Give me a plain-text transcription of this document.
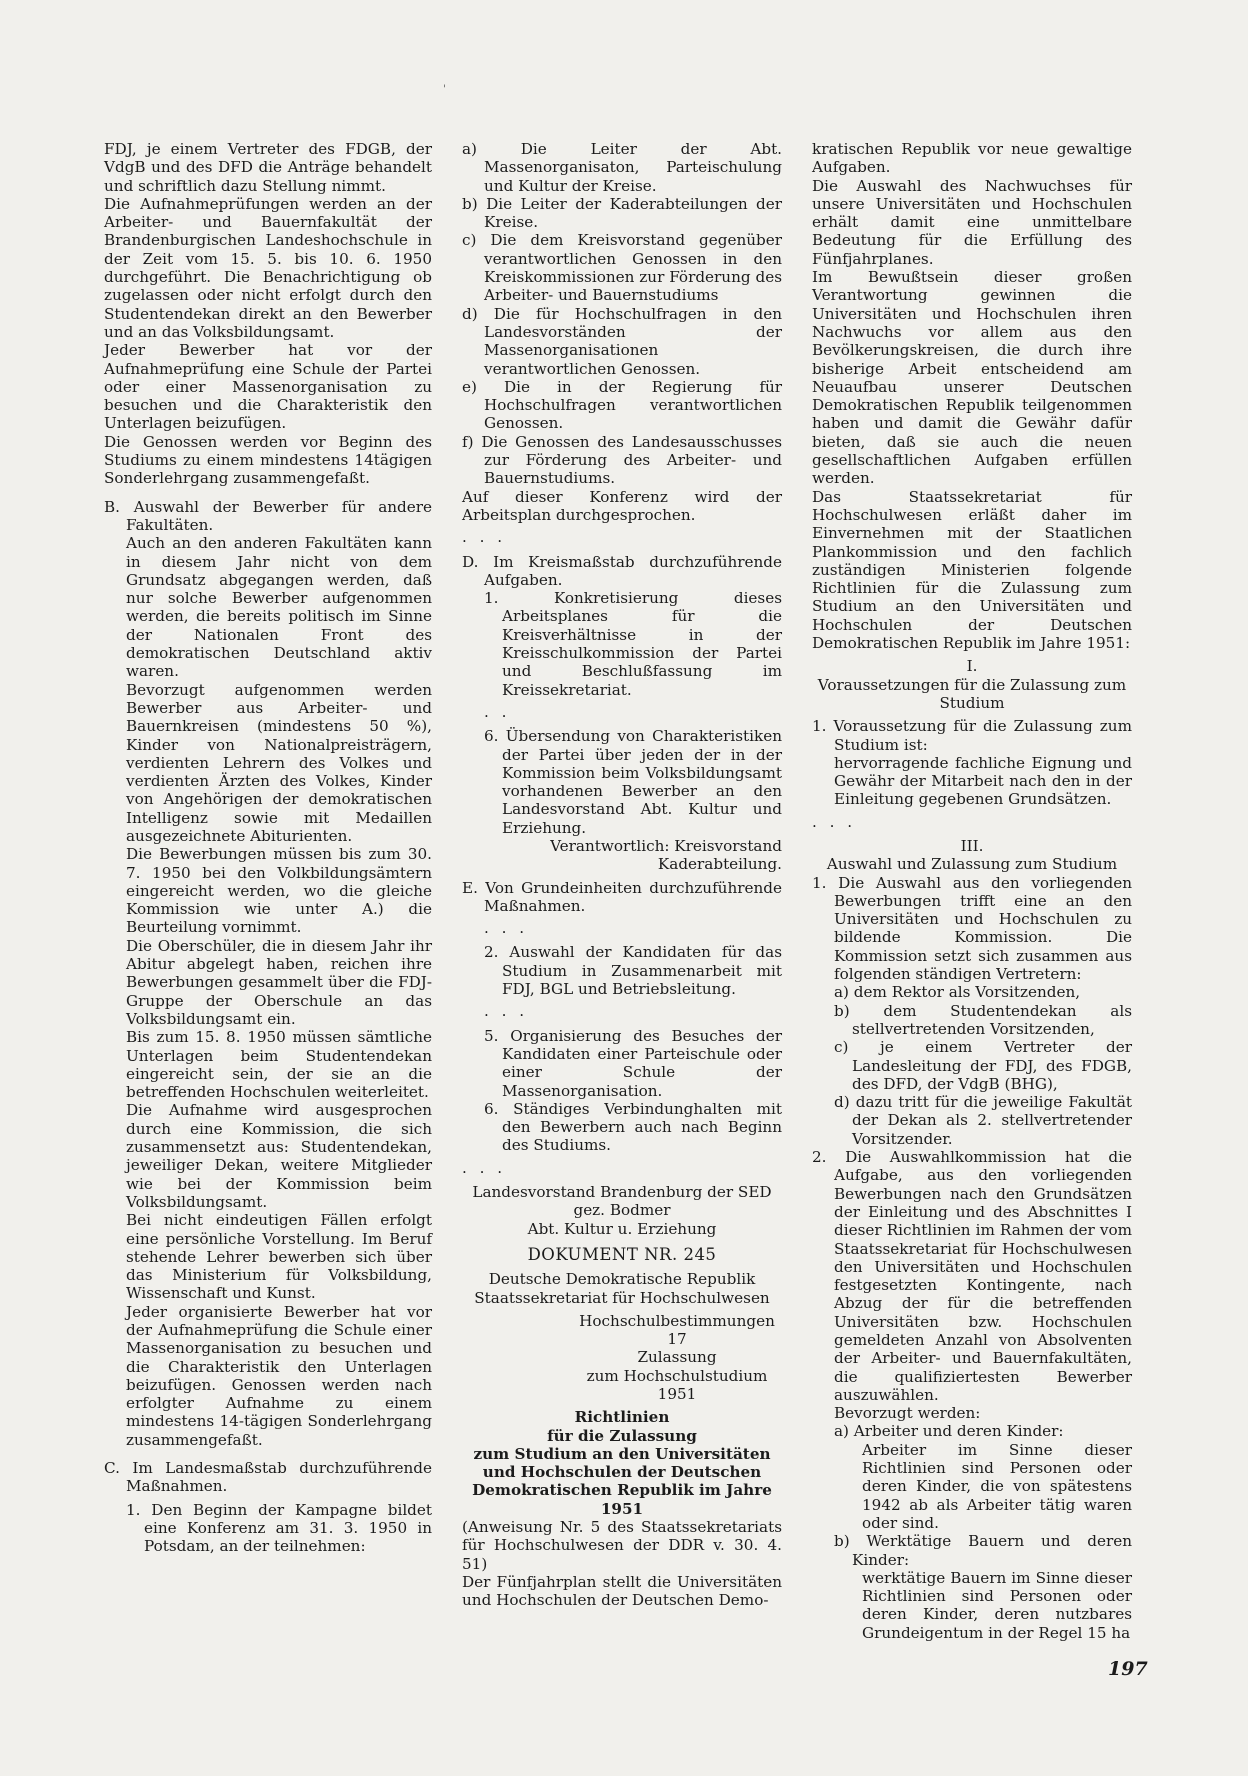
'

FDJ, je einem Vertreter des FDGB, der VdgB und des DFD die Anträge behandelt und schriftlich dazu Stellung nimmt.

Die Aufnahmeprüfungen werden an der Arbeiter- und Bauernfakultät der Brandenburgischen Landeshochschule in der Zeit vom 15. 5. bis 10. 6. 1950 durchgeführt. Die Benachrichtigung ob zugelassen oder nicht erfolgt durch den Studentendekan direkt an den Bewerber und an das Volksbildungsamt.

Jeder Bewerber hat vor der Aufnahmeprüfung eine Schule der Partei oder einer Massenorganisation zu besuchen und die Charakteristik den Unterlagen beizufügen.

Die Genossen werden vor Beginn des Studiums zu einem mindestens 14tägigen Sonderlehrgang zusammengefaßt.

B. Auswahl der Bewerber für andere Fakultäten.

Auch an den anderen Fakultäten kann in diesem Jahr nicht von dem Grundsatz abgegangen werden, daß nur solche Bewerber aufgenommen werden, die bereits politisch im Sinne der Nationalen Front des demokratischen Deutschland aktiv waren.

Bevorzugt aufgenommen werden Bewerber aus Arbeiter- und Bauernkreisen (mindestens 50 %), Kinder von Nationalpreisträgern, verdienten Lehrern des Volkes und verdienten Ärzten des Volkes, Kinder von Angehörigen der demokratischen Intelligenz sowie mit Medaillen ausgezeichnete Abiturienten.

Die Bewerbungen müssen bis zum 30. 7. 1950 bei den Volkbildungsämtern eingereicht werden, wo die gleiche Kommission wie unter A.) die Beurteilung vornimmt.

Die Oberschüler, die in diesem Jahr ihr Abitur abgelegt haben, reichen ihre Bewerbungen gesammelt über die FDJ-Gruppe der Oberschule an das Volksbildungsamt ein.

Bis zum 15. 8. 1950 müssen sämtliche Unterlagen beim Studentendekan eingereicht sein, der sie an die betreffenden Hochschulen weiterleitet.

Die Aufnahme wird ausgesprochen durch eine Kommission, die sich zusammensetzt aus: Studentendekan, jeweiliger Dekan, weitere Mitglieder wie bei der Kommission beim Volksbildungsamt.

Bei nicht eindeutigen Fällen erfolgt eine persönliche Vorstellung. Im Beruf stehende Lehrer bewerben sich über das Ministerium für Volksbildung, Wissenschaft und Kunst.

Jeder organisierte Bewerber hat vor der Aufnahmeprüfung die Schule einer Massenorganisation zu besuchen und die Charakteristik den Unterlagen beizufügen. Genossen werden nach erfolgter Aufnahme zu einem mindestens 14-tägigen Sonderlehrgang zusammengefaßt.

C. Im Landesmaßstab durchzuführende Maßnahmen.

1. Den Beginn der Kampagne bildet eine Konferenz am 31. 3. 1950 in Potsdam, an der teilnehmen:

a) Die Leiter der Abt. Massenorganisaton, Parteischulung und Kultur der Kreise.

b) Die Leiter der Kaderabteilungen der Kreise.

c) Die dem Kreisvorstand gegenüber verantwortlichen Genossen in den Kreiskommissionen zur Förderung des Arbeiter- und Bauernstudiums

d) Die für Hochschulfragen in den Landesvorständen der Massenorganisationen verantwortlichen Genossen.

e) Die in der Regierung für Hochschulfragen verantwortlichen Genossen.

f) Die Genossen des Landesausschusses zur Förderung des Arbeiter- und Bauernstudiums.

Auf dieser Konferenz wird der Arbeitsplan durchgesprochen.

. . .

D. Im Kreismaßstab durchzuführende Aufgaben.

1. Konkretisierung dieses Arbeitsplanes für die Kreisverhältnisse in der Kreisschulkommission der Partei und Beschlußfassung im Kreissekretariat.

. .

6. Übersendung von Charakteristiken der Partei über jeden der in der Kommission beim Volksbildungsamt vorhandenen Bewerber an den Landesvorstand Abt. Kultur und Erziehung.

Verantwortlich: Kreisvorstand Kaderabteilung.

E. Von Grundeinheiten durchzuführende Maßnahmen.

. . .

2. Auswahl der Kandidaten für das Studium in Zusammenarbeit mit FDJ, BGL und Betriebsleitung.

. . .

5. Organisierung des Besuches der Kandidaten einer Parteischule oder einer Schule der Massenorganisation.

6. Ständiges Verbindunghalten mit den Bewerbern auch nach Beginn des Studiums.

. . .
Landesvorstand Brandenburg der SED
gez. Bodmer
Abt. Kultur u. Erziehung
DOKUMENT NR. 245
Deutsche Demokratische Republik
Staatssekretariat für Hochschulwesen
Hochschulbestimmungen
17
Zulassung
zum Hochschulstudium
1951
Richtlinien
für die Zulassung
zum Studium an den Universitäten und Hochschulen der Deutschen Demokratischen Republik im Jahre 1951

(Anweisung Nr. 5 des Staatssekretariats für Hochschulwesen der DDR v. 30. 4. 51)

Der Fünfjahrplan stellt die Universitäten und Hochschulen der Deutschen Demo-

kratischen Republik vor neue gewaltige Aufgaben.

Die Auswahl des Nachwuchses für unsere Universitäten und Hochschulen erhält damit eine unmittelbare Bedeutung für die Erfüllung des Fünfjahrplanes.

Im Bewußtsein dieser großen Verantwortung gewinnen die Universitäten und Hochschulen ihren Nachwuchs vor allem aus den Bevölkerungskreisen, die durch ihre bisherige Arbeit entscheidend am Neuaufbau unserer Deutschen Demokratischen Republik teilgenommen haben und damit die Gewähr dafür bieten, daß sie auch die neuen gesellschaftlichen Aufgaben erfüllen werden.

Das Staatssekretariat für Hochschulwesen erläßt daher im Einvernehmen mit der Staatlichen Plankommission und den fachlich zuständigen Ministerien folgende Richtlinien für die Zulassung zum Studium an den Universitäten und Hochschulen der Deutschen Demokratischen Republik im Jahre 1951:

I.
Voraussetzungen für die Zulassung zum Studium

1. Voraussetzung für die Zulassung zum Studium ist:

hervorragende fachliche Eignung und Gewähr der Mitarbeit nach den in der Einleitung gegebenen Grundsätzen.

. . .
III.
Auswahl und Zulassung zum Studium

1. Die Auswahl aus den vorliegenden Bewerbungen trifft eine an den Universitäten und Hochschulen zu bildende Kommission. Die Kommission setzt sich zusammen aus folgenden ständigen Vertretern:

a) dem Rektor als Vorsitzenden,

b) dem Studentendekan als stellvertretenden Vorsitzenden,

c) je einem Vertreter der Landesleitung der FDJ, des FDGB, des DFD, der VdgB (BHG),

d) dazu tritt für die jeweilige Fakultät der Dekan als 2. stellvertretender Vorsitzender.

2. Die Auswahlkommission hat die Aufgabe, aus den vorliegenden Bewerbungen nach den Grundsätzen der Einleitung und des Abschnittes I dieser Richtlinien im Rahmen der vom Staatssekretariat für Hochschulwesen den Universitäten und Hochschulen festgesetzten Kontingente, nach Abzug der für die betreffenden Universitäten bzw. Hochschulen gemeldeten Anzahl von Absolventen der Arbeiter- und Bauernfakultäten, die qualifiziertesten Bewerber auszuwählen.

Bevorzugt werden:

a) Arbeiter und deren Kinder:

Arbeiter im Sinne dieser Richtlinien sind Personen oder deren Kinder, die von spätestens 1942 ab als Arbeiter tätig waren oder sind.

b) Werktätige Bauern und deren Kinder:

werktätige Bauern im Sinne dieser Richtlinien sind Personen oder deren Kinder, deren nutzbares Grundeigentum in der Regel 15 ha

197
